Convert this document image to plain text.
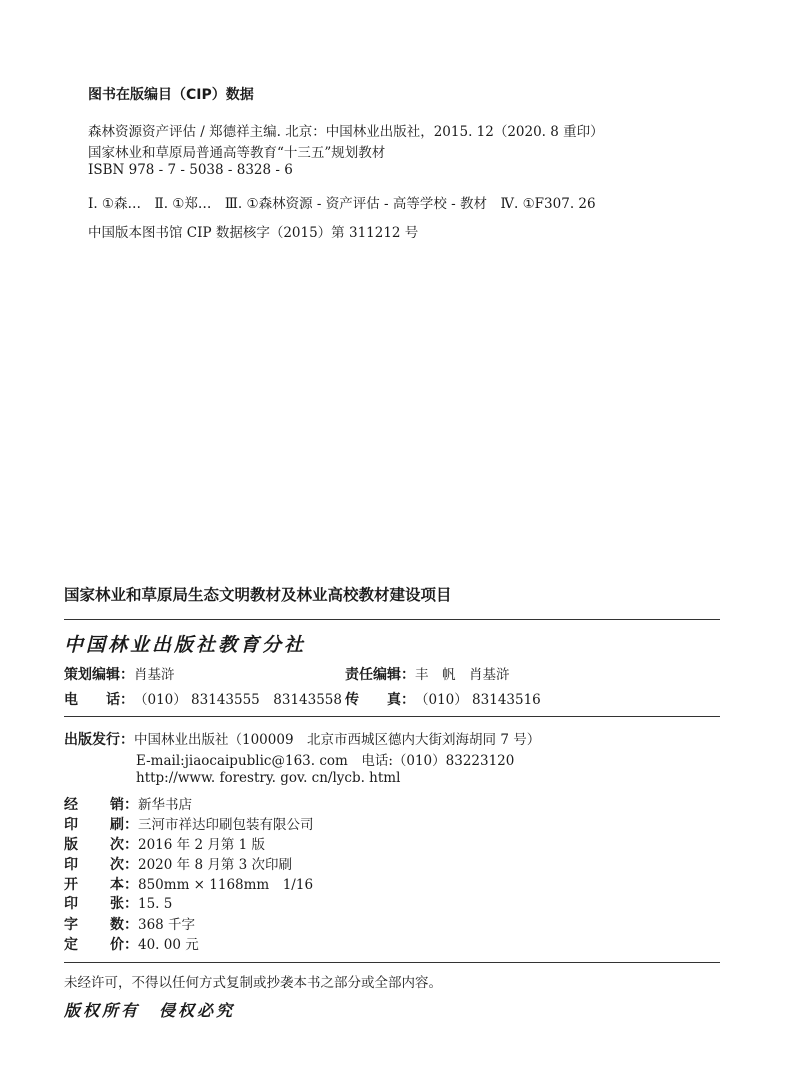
图书在版编目（CIP）数据
森林资源资产评估 / 郑德祥主编. 北京：中国林业出版社，2015. 12（2020. 8 重印）
国家林业和草原局普通高等教育“十三五”规划教材
ISBN 978 - 7 - 5038 - 8328 - 6
Ⅰ. ①森…　Ⅱ. ①郑…　Ⅲ. ①森林资源 - 资产评估 - 高等学校 - 教材　Ⅳ. ①F307. 26
中国版本图书馆 CIP 数据核字（2015）第 311212 号
国家林业和草原局生态文明教材及林业高校教材建设项目
中国林业出版社教育分社
策划编辑： 肖基浒	责任编辑： 丰　帆　肖基浒
电　　话： （010） 83143555　83143558 传　　真： （010） 83143516
出版发行： 中国林业出版社（100009　北京市西城区德内大街刘海胡同 7 号）
E-mail:jiaocaipublic@163. com　电话:（010）83223120
http://www. forestry. gov. cn/lycb. html
经　　销 ： 新华书店
印　　刷 ： 三河市祥达印刷包装有限公司
版　　次 ： 2016 年 2 月第 1 版
印　　次 ： 2020 年 8 月第 3 次印刷
开　　本 ： 850mm × 1168mm　1/16
印　　张 ： 15. 5
字　　数 ： 368 千字
定　　价 ： 40. 00 元
未经许可，不得以任何方式复制或抄袭本书之部分或全部内容。
版权所有　侵权必究
